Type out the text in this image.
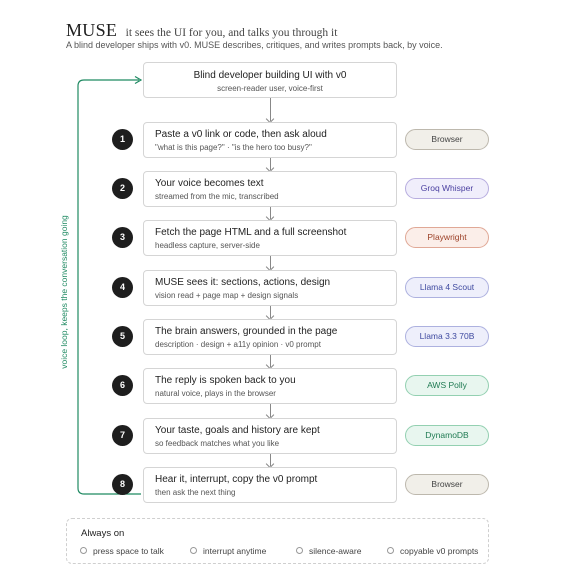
MUSE it sees the UI for you, and talks you through it
A blind developer ships with v0. MUSE describes, critiques, and writes prompts back, by voice.
voice loop, keeps the conversation going
Blind developer building UI with v0
screen-reader user, voice-first
1	Paste a v0 link or code, then ask aloud
"what is this page?" · "is the hero too busy?"
Browser
2	Your voice becomes text
streamed from the mic, transcribed
Groq Whisper
3	Fetch the page HTML and a full screenshot
headless capture, server-side
Playwright
4	MUSE sees it: sections, actions, design
vision read + page map + design signals
Llama 4 Scout
5	The brain answers, grounded in the page
description · design + a11y opinion · v0 prompt
Llama 3.3 70B
6	The reply is spoken back to you
natural voice, plays in the browser
AWS Polly
7	Your taste, goals and history are kept
so feedback matches what you like
DynamoDB
8	Hear it, interrupt, copy the v0 prompt
then ask the next thing
Browser
Always on
press space to talk	interrupt anytime	silence-aware	copyable v0 prompts
